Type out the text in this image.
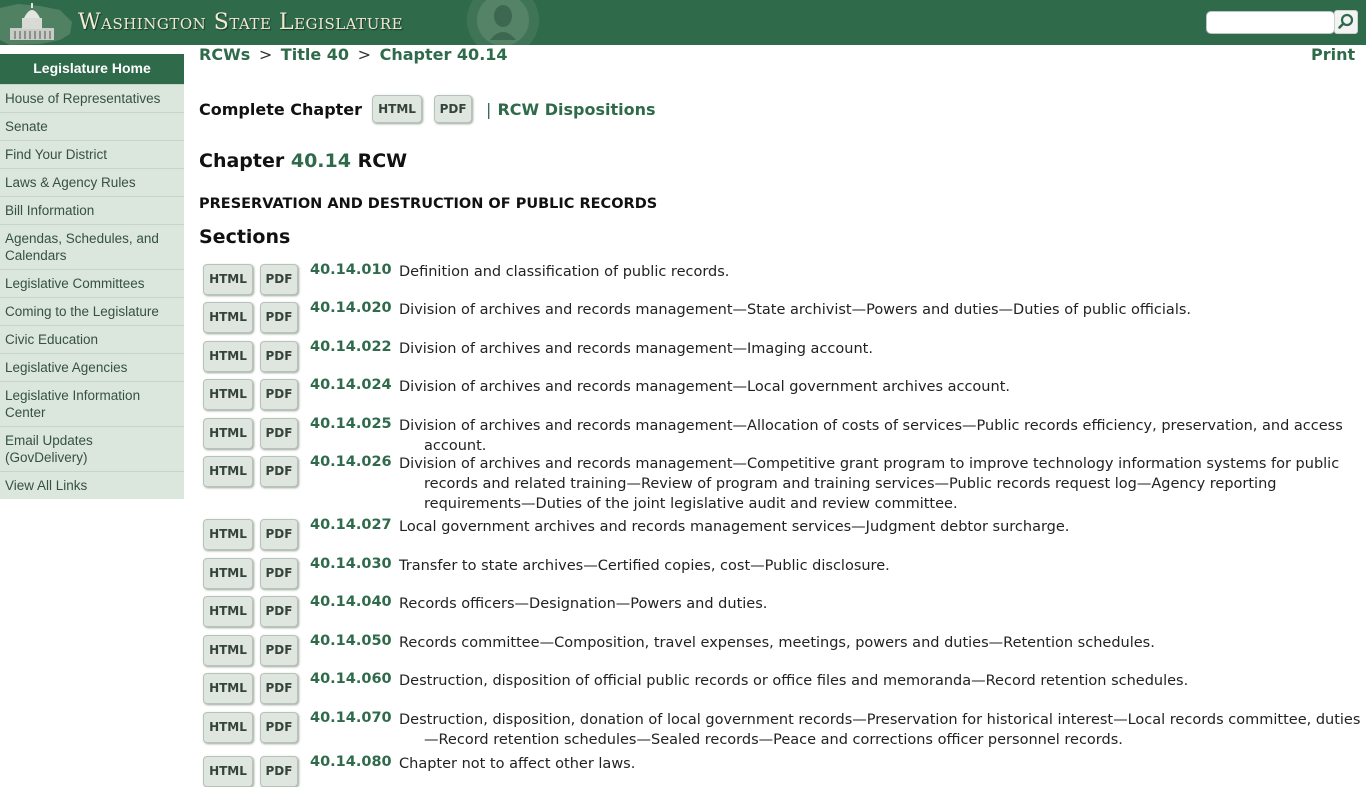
Washington State Legislature
Legislature Home
House of Representatives
Senate
Find Your District
Laws & Agency Rules
Bill Information
Agendas, Schedules, and Calendars
Legislative Committees
Coming to the Legislature
Civic Education
Legislative Agencies
Legislative Information Center
Email Updates (GovDelivery)
View All Links
RCWs > Title 40 > Chapter 40.14	Print
Complete Chapter	HTML	PDF	| RCW Dispositions
Chapter 40.14 RCW
PRESERVATION AND DESTRUCTION OF PUBLIC RECORDS
Sections
HTML	PDF
40.14.010 Definition and classification of public records.
HTML	PDF
40.14.020 Division of archives and records management—State archivist—Powers and duties—Duties of public officials.
HTML	PDF
40.14.022 Division of archives and records management—Imaging account.
HTML	PDF
40.14.024 Division of archives and records management—Local government archives account.
HTML	PDF
40.14.025 Division of archives and records management—Allocation of costs of services—Public records efficiency, preservation, and access account.
HTML	PDF
40.14.026 Division of archives and records management—Competitive grant program to improve technology information systems for public records and related training—Review of program and training services—Public records request log—Agency reporting requirements—Duties of the joint legislative audit and review committee.
HTML	PDF
40.14.027 Local government archives and records management services—Judgment debtor surcharge.
HTML	PDF
40.14.030 Transfer to state archives—Certified copies, cost—Public disclosure.
HTML	PDF
40.14.040 Records officers—Designation—Powers and duties.
HTML	PDF
40.14.050 Records committee—Composition, travel expenses, meetings, powers and duties—Retention schedules.
HTML	PDF
40.14.060 Destruction, disposition of official public records or office files and memoranda—Record retention schedules.
HTML	PDF
40.14.070 Destruction, disposition, donation of local government records—Preservation for historical interest—Local records committee, duties—Record retention schedules—Sealed records—Peace and corrections officer personnel records.
HTML	PDF
40.14.080 Chapter not to affect other laws.
